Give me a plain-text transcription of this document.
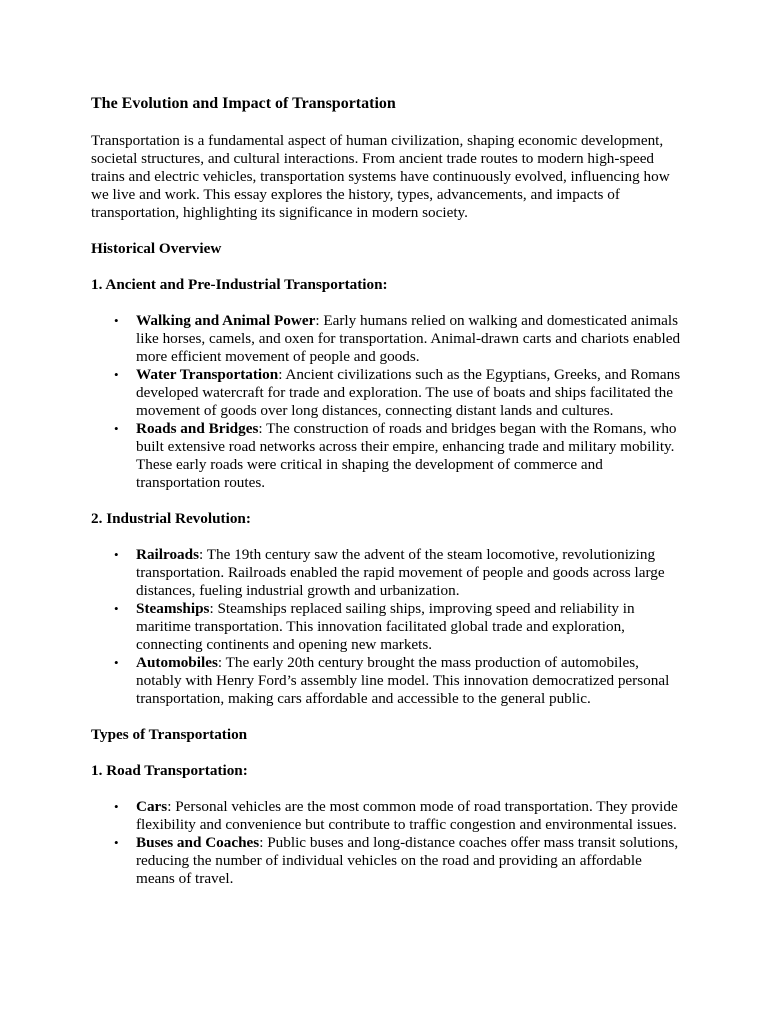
The Evolution and Impact of Transportation

Transportation is a fundamental aspect of human civilization, shaping economic development, societal structures, and cultural interactions. From ancient trade routes to modern high-speed trains and electric vehicles, transportation systems have continuously evolved, influencing how we live and work. This essay explores the history, types, advancements, and impacts of transportation, highlighting its significance in modern society.

Historical Overview

1. Ancient and Pre-Industrial Transportation:

• Walking and Animal Power: Early humans relied on walking and domesticated animals like horses, camels, and oxen for transportation. Animal-drawn carts and chariots enabled more efficient movement of people and goods.
• Water Transportation: Ancient civilizations such as the Egyptians, Greeks, and Romans developed watercraft for trade and exploration. The use of boats and ships facilitated the movement of goods over long distances, connecting distant lands and cultures.
• Roads and Bridges: The construction of roads and bridges began with the Romans, who built extensive road networks across their empire, enhancing trade and military mobility. These early roads were critical in shaping the development of commerce and transportation routes.

2. Industrial Revolution:

• Railroads: The 19th century saw the advent of the steam locomotive, revolutionizing transportation. Railroads enabled the rapid movement of people and goods across large distances, fueling industrial growth and urbanization.
• Steamships: Steamships replaced sailing ships, improving speed and reliability in maritime transportation. This innovation facilitated global trade and exploration, connecting continents and opening new markets.
• Automobiles: The early 20th century brought the mass production of automobiles, notably with Henry Ford’s assembly line model. This innovation democratized personal transportation, making cars affordable and accessible to the general public.

Types of Transportation

1. Road Transportation:

• Cars: Personal vehicles are the most common mode of road transportation. They provide flexibility and convenience but contribute to traffic congestion and environmental issues.
• Buses and Coaches: Public buses and long-distance coaches offer mass transit solutions, reducing the number of individual vehicles on the road and providing an affordable means of travel.
